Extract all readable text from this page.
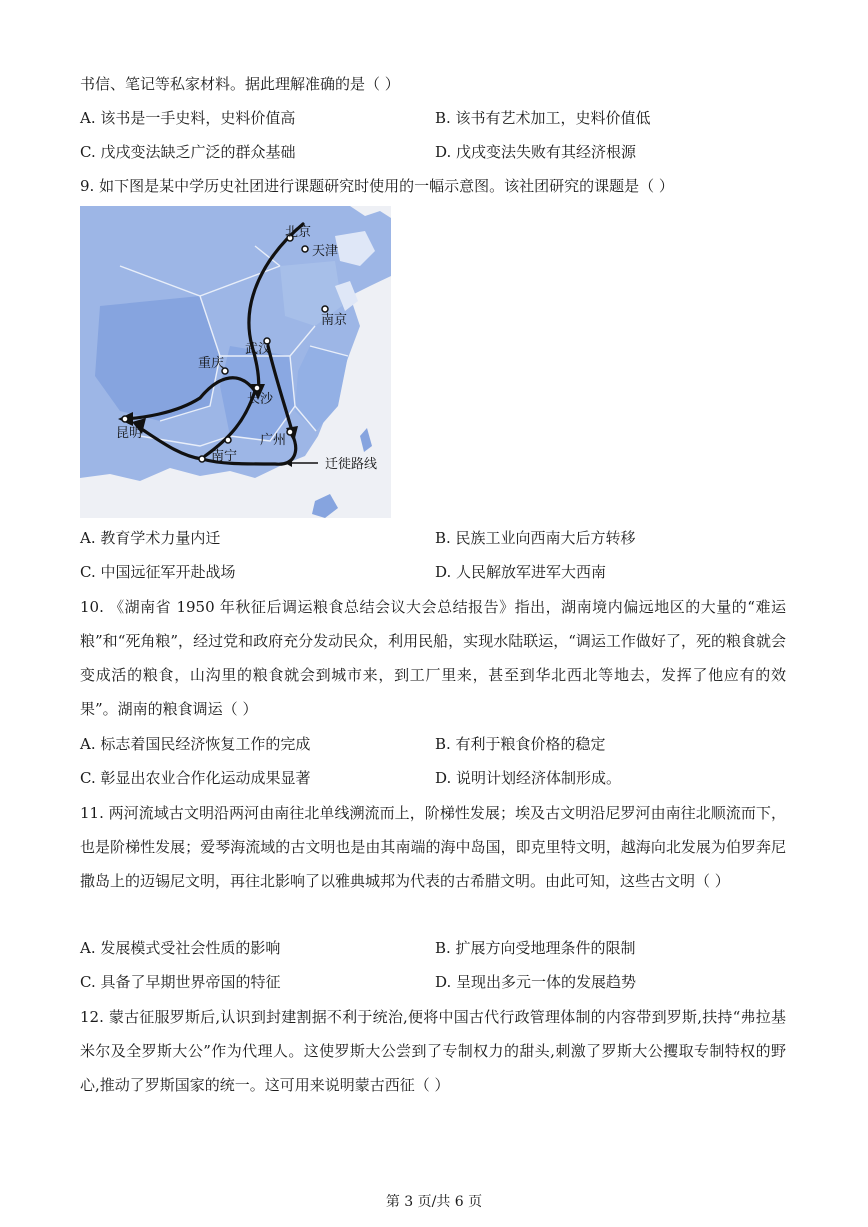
书信、笔记等私家材料。据此理解准确的是（ ）
A. 该书是一手史料，史料价值高	B. 该书有艺术加工，史料价值低
C. 戊戌变法缺乏广泛的群众基础	D. 戊戌变法失败有其经济根源
9. 如下图是某中学历史社团进行课题研究时使用的一幅示意图。该社团研究的课题是（ ）
北京
天津
南京
武汉
重庆
长沙
昆明	广州
南宁
迁徙路线
A. 教育学术力量内迁	B. 民族工业向西南大后方转移
C. 中国远征军开赴战场	D. 人民解放军进军大西南
10. 《湖南省 1950 年秋征后调运粮食总结会议大会总结报告》指出，湖南境内偏远地区的大量的“难运粮”和“死角粮”，经过党和政府充分发动民众，利用民船，实现水陆联运，“调运工作做好了，死的粮食就会变成活的粮食，山沟里的粮食就会到城市来，到工厂里来，甚至到华北西北等地去，发挥了他应有的效果”。湖南的粮食调运（ ）
A. 标志着国民经济恢复工作的完成	B. 有利于粮食价格的稳定
C. 彰显出农业合作化运动成果显著	D. 说明计划经济体制形成。
11. 两河流域古文明沿两河由南往北单线溯流而上，阶梯性发展；埃及古文明沿尼罗河由南往北顺流而下，也是阶梯性发展；爱琴海流域的古文明也是由其南端的海中岛国，即克里特文明，越海向北发展为伯罗奔尼撒岛上的迈锡尼文明，再往北影响了以雅典城邦为代表的古希腊文明。由此可知，这些古文明（ ）
A. 发展模式受社会性质的影响	B. 扩展方向受地理条件的限制
C. 具备了早期世界帝国的特征	D. 呈现出多元一体的发展趋势
12. 蒙古征服罗斯后,认识到封建割据不利于统治,便将中国古代行政管理体制的内容带到罗斯,扶持“弗拉基米尔及全罗斯大公”作为代理人。这使罗斯大公尝到了专制权力的甜头,刺激了罗斯大公攫取专制特权的野心,推动了罗斯国家的统一。这可用来说明蒙古西征（ ）
第 3 页/共 6 页
